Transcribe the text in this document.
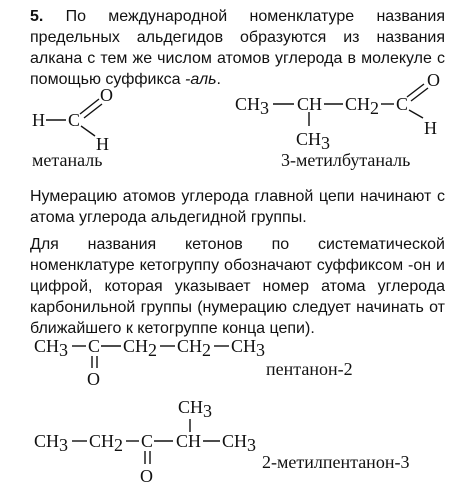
5. По международной номенклатуре названия предельных альдегидов образуются из названия алкана с тем же числом атомов углерода в молекуле с помощью суффикса -аль.

H C
O
H
CH3 CH CH2 C
O
H
CH3
CH3 C CH2 CH2 CH3
O
CH3
CH3 CH2 C CH CH3
O

метаналь	3-метилбутаналь

пентанон-2

2-метилпентанон-3

Нумерацию атомов углерода главной цепи начинают с атома углерода альдегидной группы.

Для названия кетонов по систематической номенклатуре кетогруппу обозначают суффиксом -он и цифрой, которая указывает номер атома углерода карбонильной группы (нумерацию следует начинать от ближайшего к кетогруппе конца цепи).
